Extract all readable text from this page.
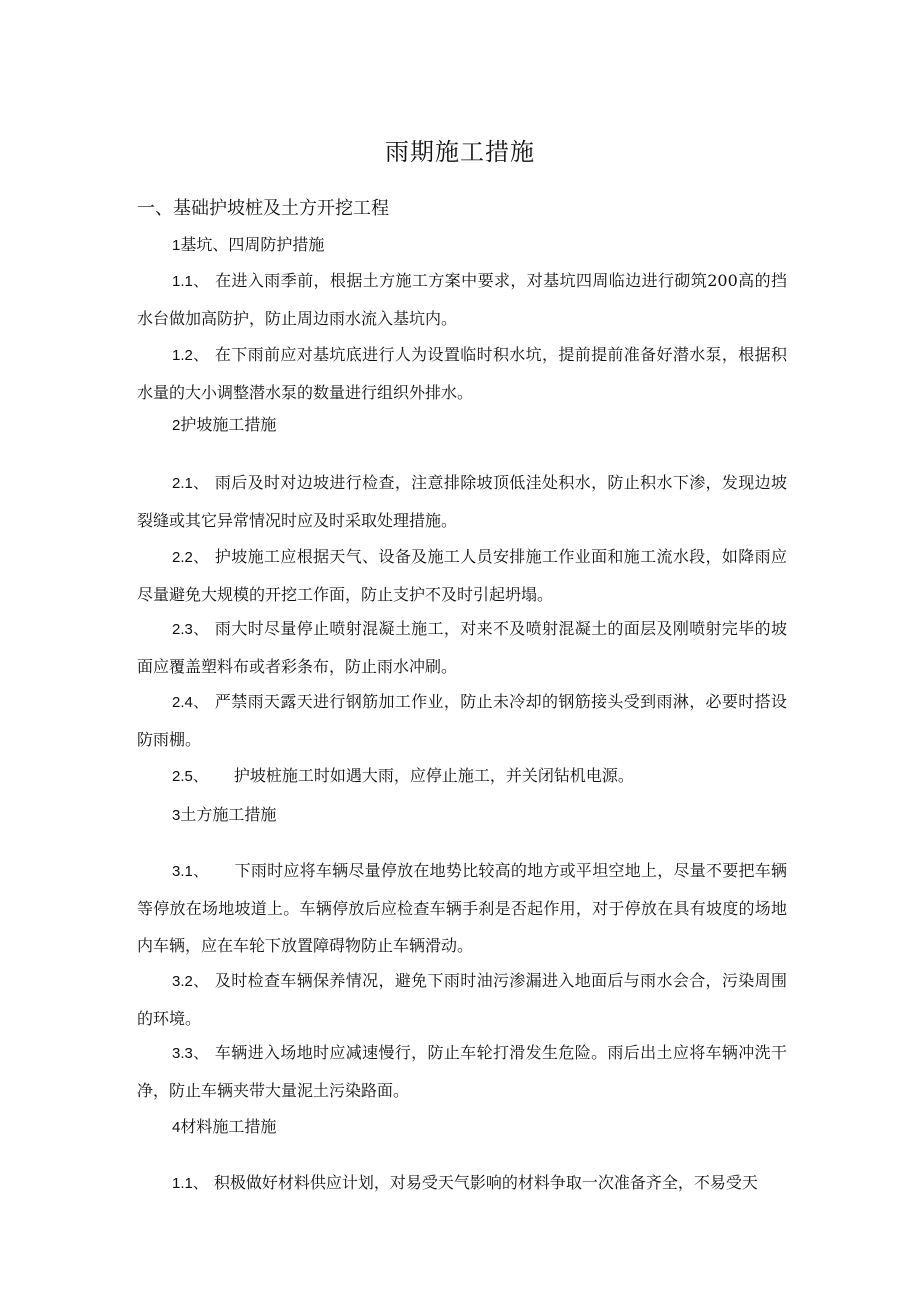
雨期施工措施
一、基础护坡桩及土方开挖工程
1基坑、四周防护措施
1.1、 在进入雨季前，根据土方施工方案中要求，对基坑四周临边进行砌筑200高的挡水台做加高防护，防止周边雨水流入基坑内。
1.2、 在下雨前应对基坑底进行人为设置临时积水坑，提前提前准备好潜水泵，根据积水量的大小调整潜水泵的数量进行组织外排水。
2护坡施工措施
2.1、 雨后及时对边坡进行检查，注意排除坡顶低洼处积水，防止积水下渗，发现边坡裂缝或其它异常情况时应及时采取处理措施。
2.2、 护坡施工应根据天气、设备及施工人员安排施工作业面和施工流水段，如降雨应尽量避免大规模的开挖工作面，防止支护不及时引起坍塌。
2.3、 雨大时尽量停止喷射混凝土施工，对来不及喷射混凝土的面层及刚喷射完毕的坡面应覆盖塑料布或者彩条布，防止雨水冲刷。
2.4、 严禁雨天露天进行钢筋加工作业，防止未冷却的钢筋接头受到雨淋，必要时搭设防雨棚。
2.5、 护坡桩施工时如遇大雨，应停止施工，并关闭钻机电源。
3土方施工措施
3.1、 下雨时应将车辆尽量停放在地势比较高的地方或平坦空地上，尽量不要把车辆等停放在场地坡道上。车辆停放后应检查车辆手刹是否起作用，对于停放在具有坡度的场地内车辆，应在车轮下放置障碍物防止车辆滑动。
3.2、 及时检查车辆保养情况，避免下雨时油污渗漏进入地面后与雨水会合，污染周围的环境。
3.3、 车辆进入场地时应减速慢行，防止车轮打滑发生危险。雨后出土应将车辆冲洗干净，防止车辆夹带大量泥土污染路面。
4材料施工措施
1.1、 积极做好材料供应计划，对易受天气影响的材料争取一次准备齐全，不易受天
